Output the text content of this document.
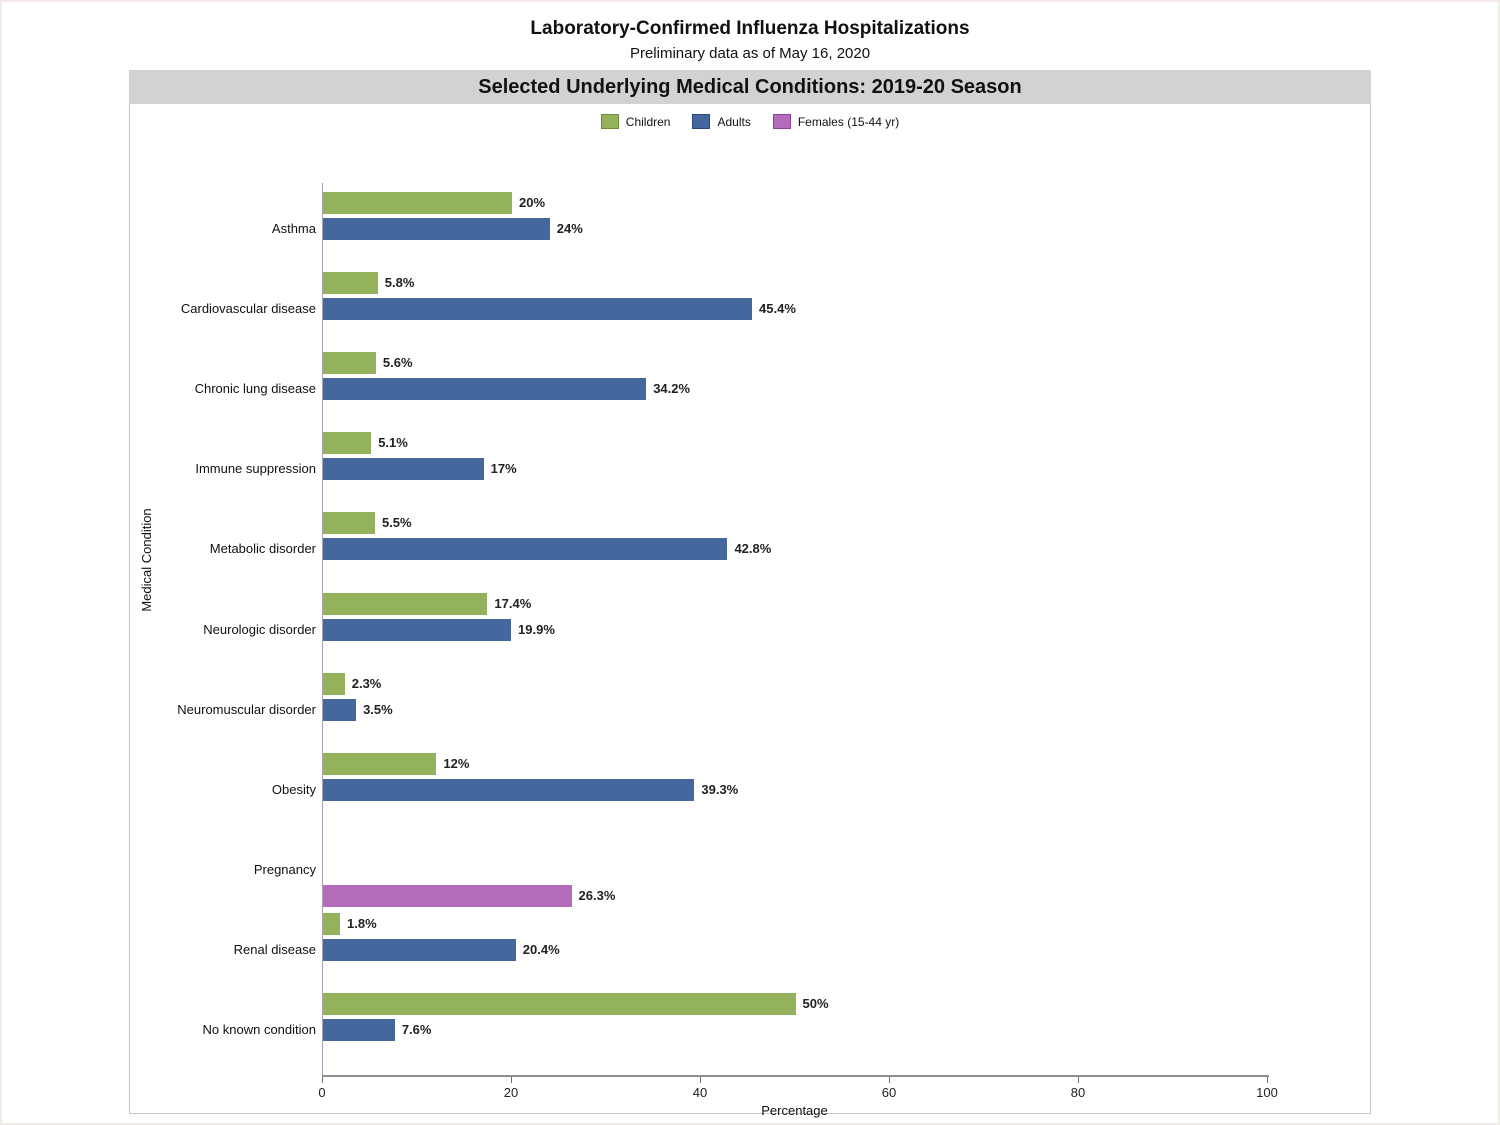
Laboratory-Confirmed Influenza Hospitalizations
Preliminary data as of May 16, 2020
Selected Underlying Medical Conditions: 2019-20 Season
Children	Adults	Females (15-44 yr)
Medical Condition
0	20	40	60	80	100
Percentage
Asthma
20%
24%
Cardiovascular disease
5.8%
45.4%
Chronic lung disease
5.6%
34.2%
Immune suppression
5.1%
17%
Metabolic disorder
5.5%
42.8%
Neurologic disorder
17.4%
19.9%
Neuromuscular disorder
2.3%
3.5%
Obesity
12%
39.3%
Pregnancy
26.3%
Renal disease
1.8%
20.4%
No known condition
50%
7.6%
